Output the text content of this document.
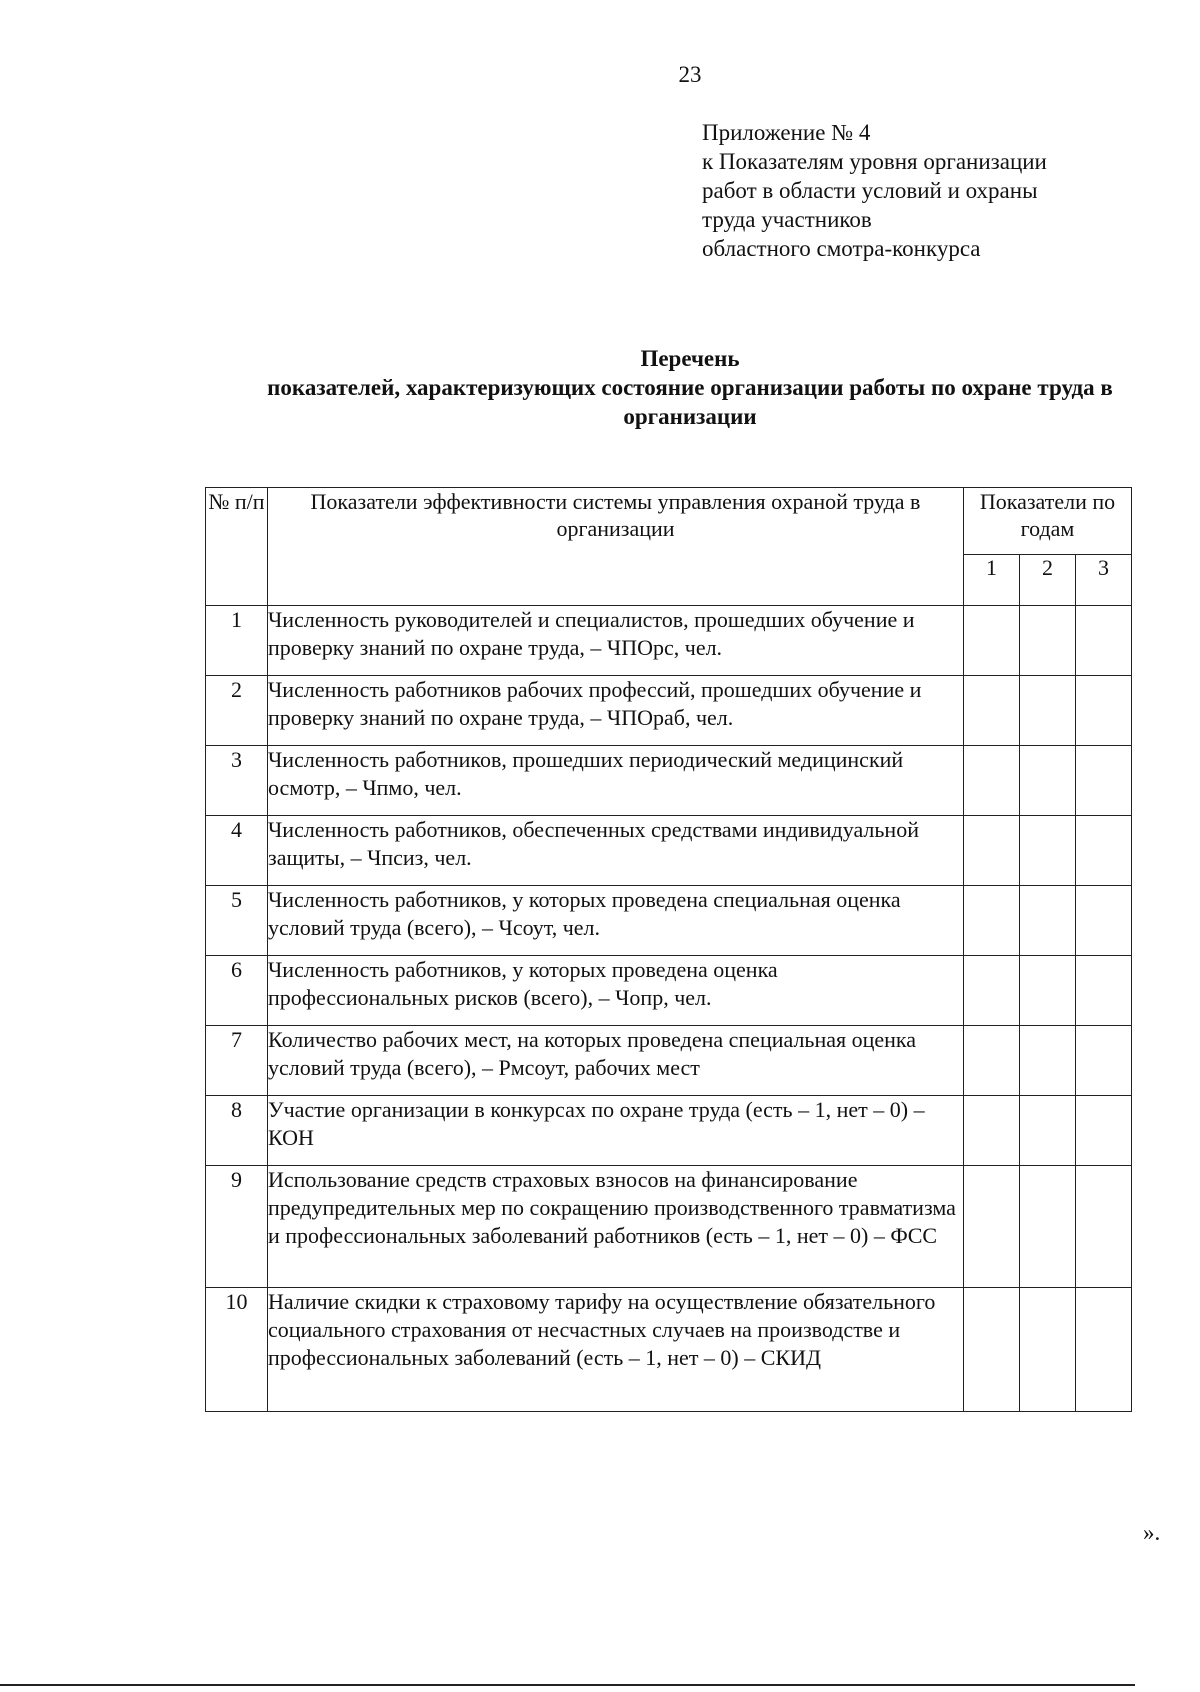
23
Приложение № 4
к Показателям уровня организации
работ в области условий и охраны
труда участников
областного смотра-конкурса
Перечень
показателей, характеризующих состояние организации работы по охране труда в организации
№ п/п	Показатели эффективности системы управления охраной труда в организации	Показатели по годам		
		1	2	3
1	Численность руководителей и специалистов, прошедших обучение и проверку знаний по охране труда, – ЧПОрс, чел.			
2	Численность работников рабочих профессий, прошедших обучение и проверку знаний по охране труда, – ЧПОраб, чел.			
3	Численность работников, прошедших периодический медицинский осмотр, – Чпмо, чел.			
4	Численность работников, обеспеченных средствами индивидуальной защиты, – Чпсиз, чел.			
5	Численность работников, у которых проведена специальная оценка условий труда (всего), – Чсоут, чел.			
6	Численность работников, у которых проведена оценка профессиональных рисков (всего), – Чопр, чел.			
7	Количество рабочих мест, на которых проведена специальная оценка условий труда (всего), – Рмсоут, рабочих мест			
8	Участие организации в конкурсах по охране труда (есть – 1, нет – 0) – КОН			
9	Использование средств страховых взносов на финансирование предупредительных мер по сокращению производственного травматизма и профессиональных заболеваний работников (есть – 1, нет – 0) – ФСС			
10	Наличие скидки к страховому тарифу на осуществление обязательного социального страхования от несчастных случаев на производстве и профессиональных заболеваний (есть – 1, нет – 0) – СКИД			
».
